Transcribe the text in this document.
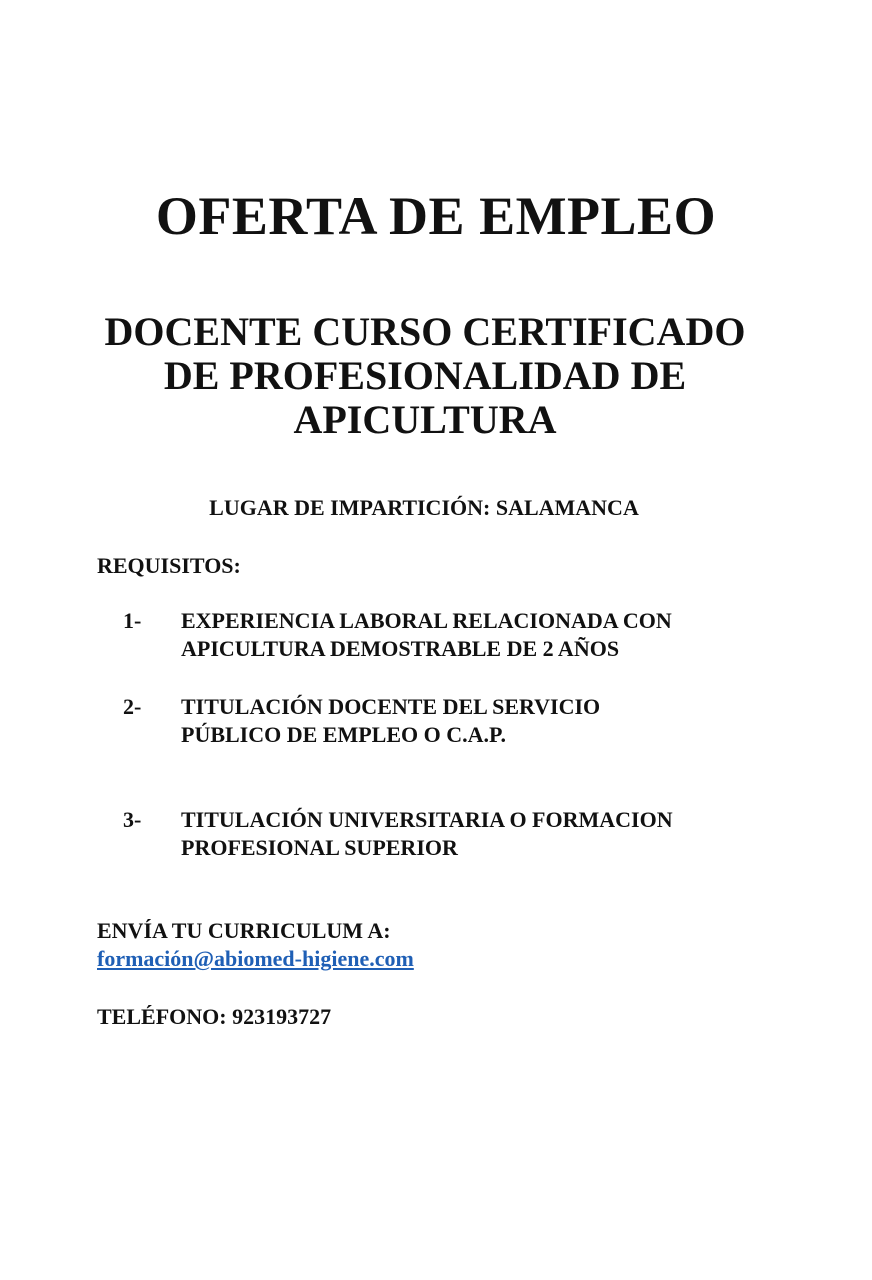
OFERTA DE EMPLEO
DOCENTE CURSO CERTIFICADO
DE PROFESIONALIDAD DE
APICULTURA

LUGAR DE IMPARTICIÓN: SALAMANCA

REQUISITOS:

1- EXPERIENCIA LABORAL RELACIONADA CON
APICULTURA DEMOSTRABLE DE 2 AÑOS
2- TITULACIÓN DOCENTE DEL SERVICIO
PÚBLICO DE EMPLEO O C.A.P.
3- TITULACIÓN UNIVERSITARIA O FORMACION
PROFESIONAL SUPERIOR

ENVÍA TU CURRICULUM A:

formación@abiomed-higiene.com

TELÉFONO: 923193727
